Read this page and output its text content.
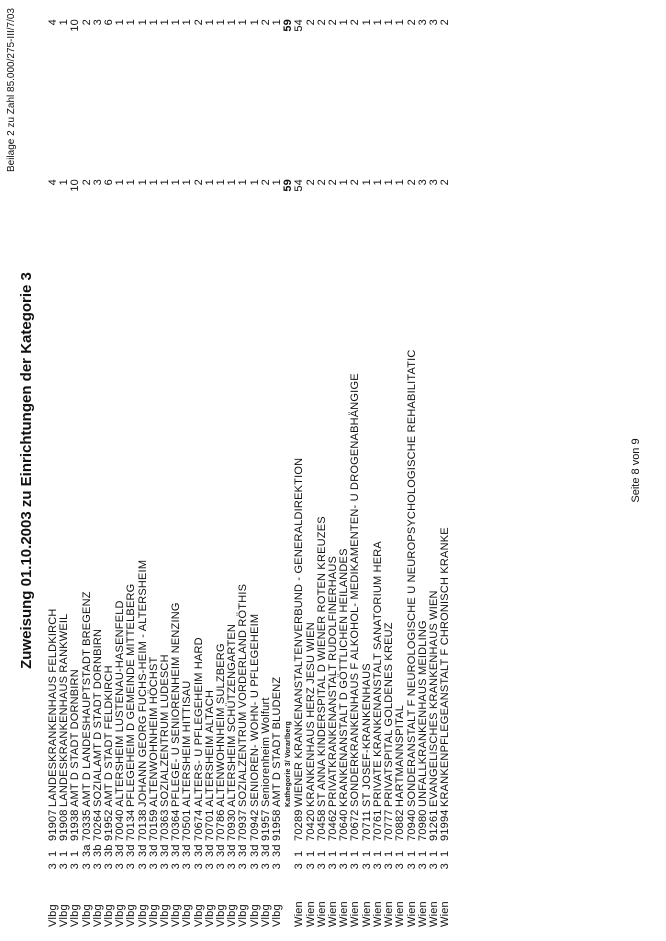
Zuweisung 01.10.2003 zu Einrichtungen der Kategorie 3
Beilage 2 zu Zahl 85.000/275-III/7/03
Vlbg	3	1	91907	LANDESKRANKENHAUS FELDKIRCH	4	4
Vlbg	3	1	91908	LANDESKRANKENHAUS RANKWEIL	1	1
Vlbg	3	1	91938	AMT D STADT DORNBIRN	10	10
Vlbg	3	3a	70335	AMT D LANDESHAUPTSTADT BREGENZ	2	2
Vlbg	3	3b	70264	SOZIALAMT D STADT DORNBIRN	3	3
Vlbg	3	3b	91952	AMT D STADT FELDKIRCH	6	6
Vlbg	3	3d	70040	ALTERSHEIM LUSTENAU-HASENFELD	1	1
Vlbg	3	3d	70134	PFLEGEHEIM D GEMEINDE MITTELBERG	1	1
Vlbg	3	3d	70138	JOHANN GEORG FUCHS-HEIM - ALTERSHEIM	1	1
Vlbg	3	3d	70159	ALTENWOHNHEIM HÖCHST	1	1
Vlbg	3	3d	70363	SOZIALZENTRUM LUDESCH	1	1
Vlbg	3	3d	70364	PFLEGE- U SENIORENHEIM NENZING	1	1
Vlbg	3	3d	70501	ALTERSHEIM HITTISAU	1	1
Vlbg	3	3d	70674	ALTERS- U PFLEGEHEIM HARD	2	2
Vlbg	3	3d	70701	ALTERSHEIM ALTACH	1	1
Vlbg	3	3d	70786	ALTENWOHNHEIM SULZBERG	1	1
Vlbg	3	3d	70930	ALTERSHEIM SCHÜTZENGARTEN	1	1
Vlbg	3	3d	70937	SOZIALZENTRUM VORDERLAND RÖTHIS	1	1
Vlbg	3	3d	70942	SENIOREN- WOHN- U PFLEGEHEIM	1	1
Vlbg	3	3d	91957	Seniorenheim Wolfurt	2	2
Vlbg	3	3d	91958	AMT D STADT BLUDENZ	1	1
				Kathegorie 3/ Vorarlberg	59	59
Wien	3	1	70289	WIENER KRANKENANSTALTENVERBUND - GENERALDIREKTION	54	54
Wien	3	1	70420	KRANKENHAUS HERZ JESU WIEN	2	2
Wien	3	1	70458	ST ANNA KINDERSPITAL D WIENER ROTEN KREUZES	2	2
Wien	3	1	70462	PRIVATKRANKENANSTALT RUDOLFINERHAUS	2	2
Wien	3	1	70640	KRANKENANSTALT D GÖTTLICHEN HEILANDES	1	1
Wien	3	1	70672	SONDERKRANKENHAUS F ALKOHOL- MEDIKAMENTEN- U DROGENABHÄNGIGE	2	2
Wien	3	1	70711	ST JOSEF-KRANKENHAUS	1	1
Wien	3	1	70761	PRIVATE KRANKENANSTALT SANATORIUM HERA	1	1
Wien	3	1	70777	PRIVATSPITAL GOLDENES KREUZ	1	1
Wien	3	1	70882	HARTMANNSPITAL	1	1
Wien	3	1	70940	SONDERANSTALT F NEUROLOGISCHE U NEUROPSYCHOLOGISCHE REHABILITATIC	2	2
Wien	3	1	70980	UNFALLKRANKENHAUS MEIDLING	3	3
Wien	3	1	91261	EVANGELISCHES KRANKENHAUS WIEN	3	3
Wien	3	1	91994	KRANKENPFLEGEANSTALT F CHRONISCH KRANKE	2	2
Seite 8 von 9
